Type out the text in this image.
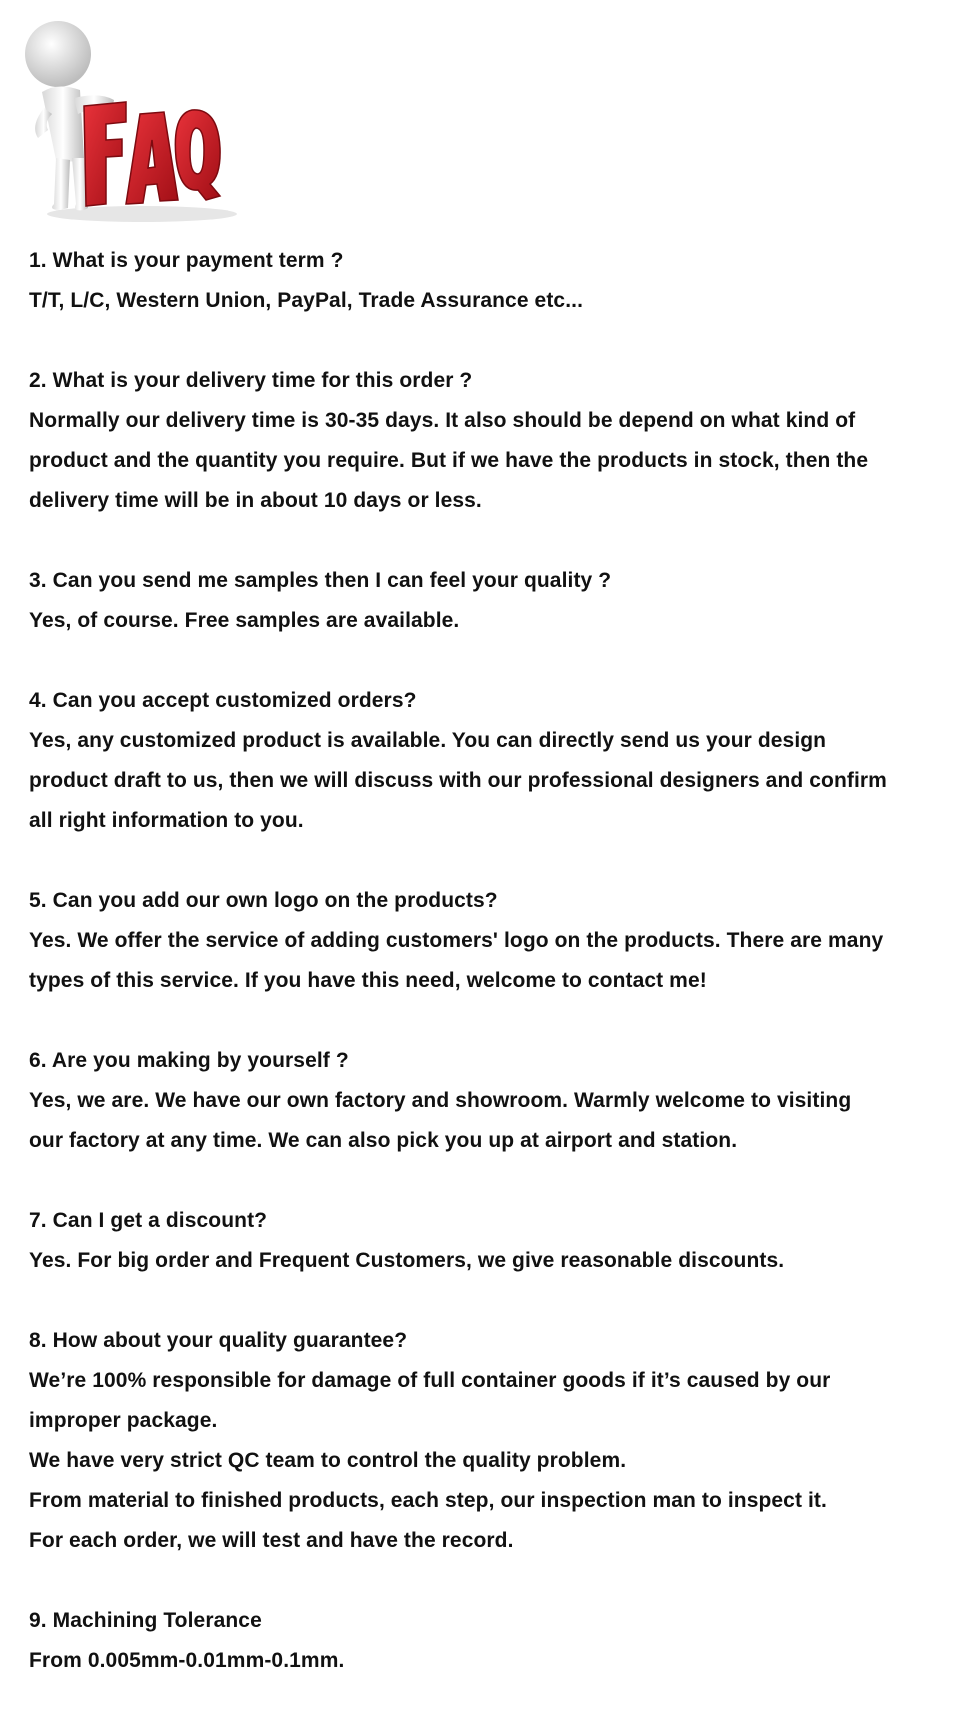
1. What is your payment term ?
T/T, L/C, Western Union, PayPal, Trade Assurance etc...
2. What is your delivery time for this order ?
Normally our delivery time is 30-35 days. It also should be depend on what kind of
product and the quantity you require. But if we have the products in stock, then the
delivery time will be in about 10 days or less.
3. Can you send me samples then I can feel your quality ?
Yes, of course. Free samples are available.
4. Can you accept customized orders?
Yes, any customized product is available. You can directly send us your design
product draft to us, then we will discuss with our professional designers and confirm
all right information to you.
5. Can you add our own logo on the products?
Yes. We offer the service of adding customers' logo on the products. There are many
types of this service. If you have this need, welcome to contact me!
6. Are you making by yourself ?
Yes, we are. We have our own factory and showroom. Warmly welcome to visiting
our factory at any time. We can also pick you up at airport and station.
7. Can I get a discount?
Yes. For big order and Frequent Customers, we give reasonable discounts.
8. How about your quality guarantee?
We’re 100% responsible for damage of full container goods if it’s caused by our
improper package.
We have very strict QC team to control the quality problem.
From material to finished products, each step, our inspection man to inspect it.
For each order, we will test and have the record.
9. Machining Tolerance
From 0.005mm-0.01mm-0.1mm.
